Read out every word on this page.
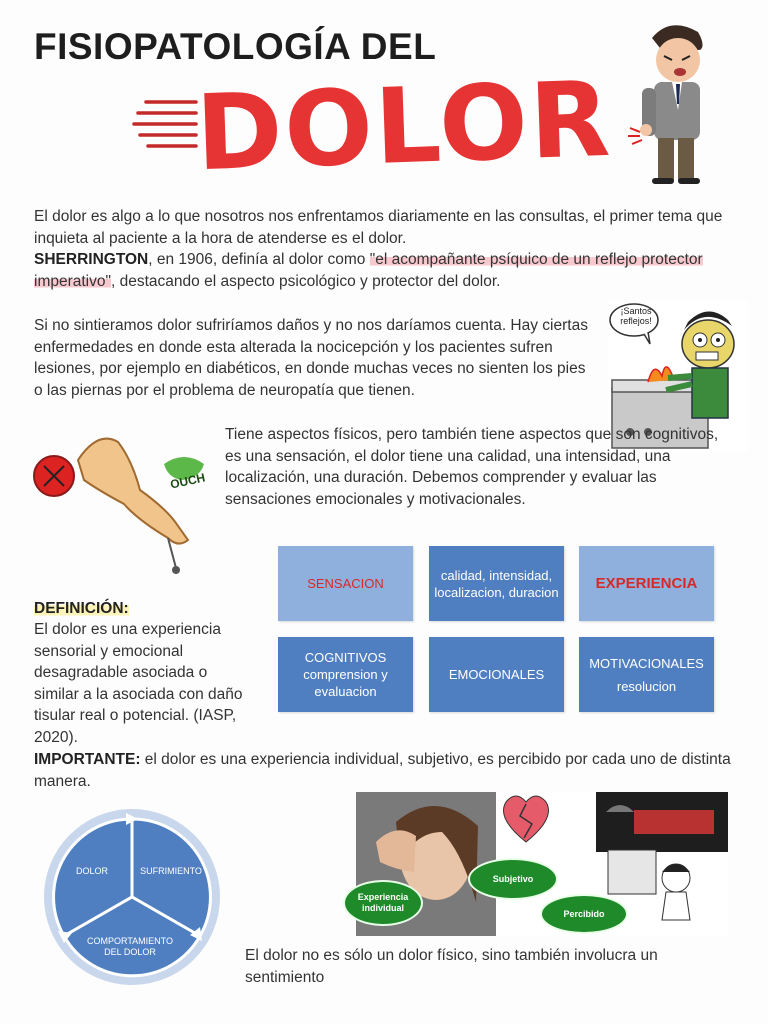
FISIOPATOLOGÍA DEL
DOLOR
El dolor es algo a lo que nosotros nos enfrentamos diariamente en las consultas, el primer tema que inquieta al paciente a la hora de atenderse es el dolor.
SHERRINGTON, en 1906, definía al dolor como "el acompañante psíquico de un reflejo protector imperativo", destacando el aspecto psicológico y protector del dolor.
Si no sintieramos dolor sufriríamos daños y no nos daríamos cuenta. Hay ciertas enfermedades en donde esta alterada la nocicepción y los pacientes sufren lesiones, por ejemplo en diabéticos, en donde muchas veces no sienten los pies o las piernas por el problema de neuropatía que tienen.
¡Santos reflejos!
OUCH
Tiene aspectos físicos, pero también tiene aspectos que son cognitivos, es una sensación, el dolor tiene una calidad, una intensidad, una localización, una duración. Debemos comprender y evaluar las sensaciones emocionales y motivacionales.
SENSACION
calidad, intensidad, localizacion, duracion	EXPERIENCIA
COGNITIVOS
comprension y evaluacion
EMOCIONALES
MOTIVACIONALES
resolucion
DEFINICIÓN:
El dolor es una experiencia sensorial y emocional desagradable asociada o similar a la asociada con daño tisular real o potencial. (IASP, 2020).
IMPORTANTE: el dolor es una experiencia individual, subjetivo, es percibido por cada uno de distinta manera.
DOLOR	SUFRIMIENTO
COMPORTAMIENTO DEL DOLOR
Experiencia individual
Subjetivo
Percibido
El dolor no es sólo un dolor físico, sino también involucra un sentimiento
